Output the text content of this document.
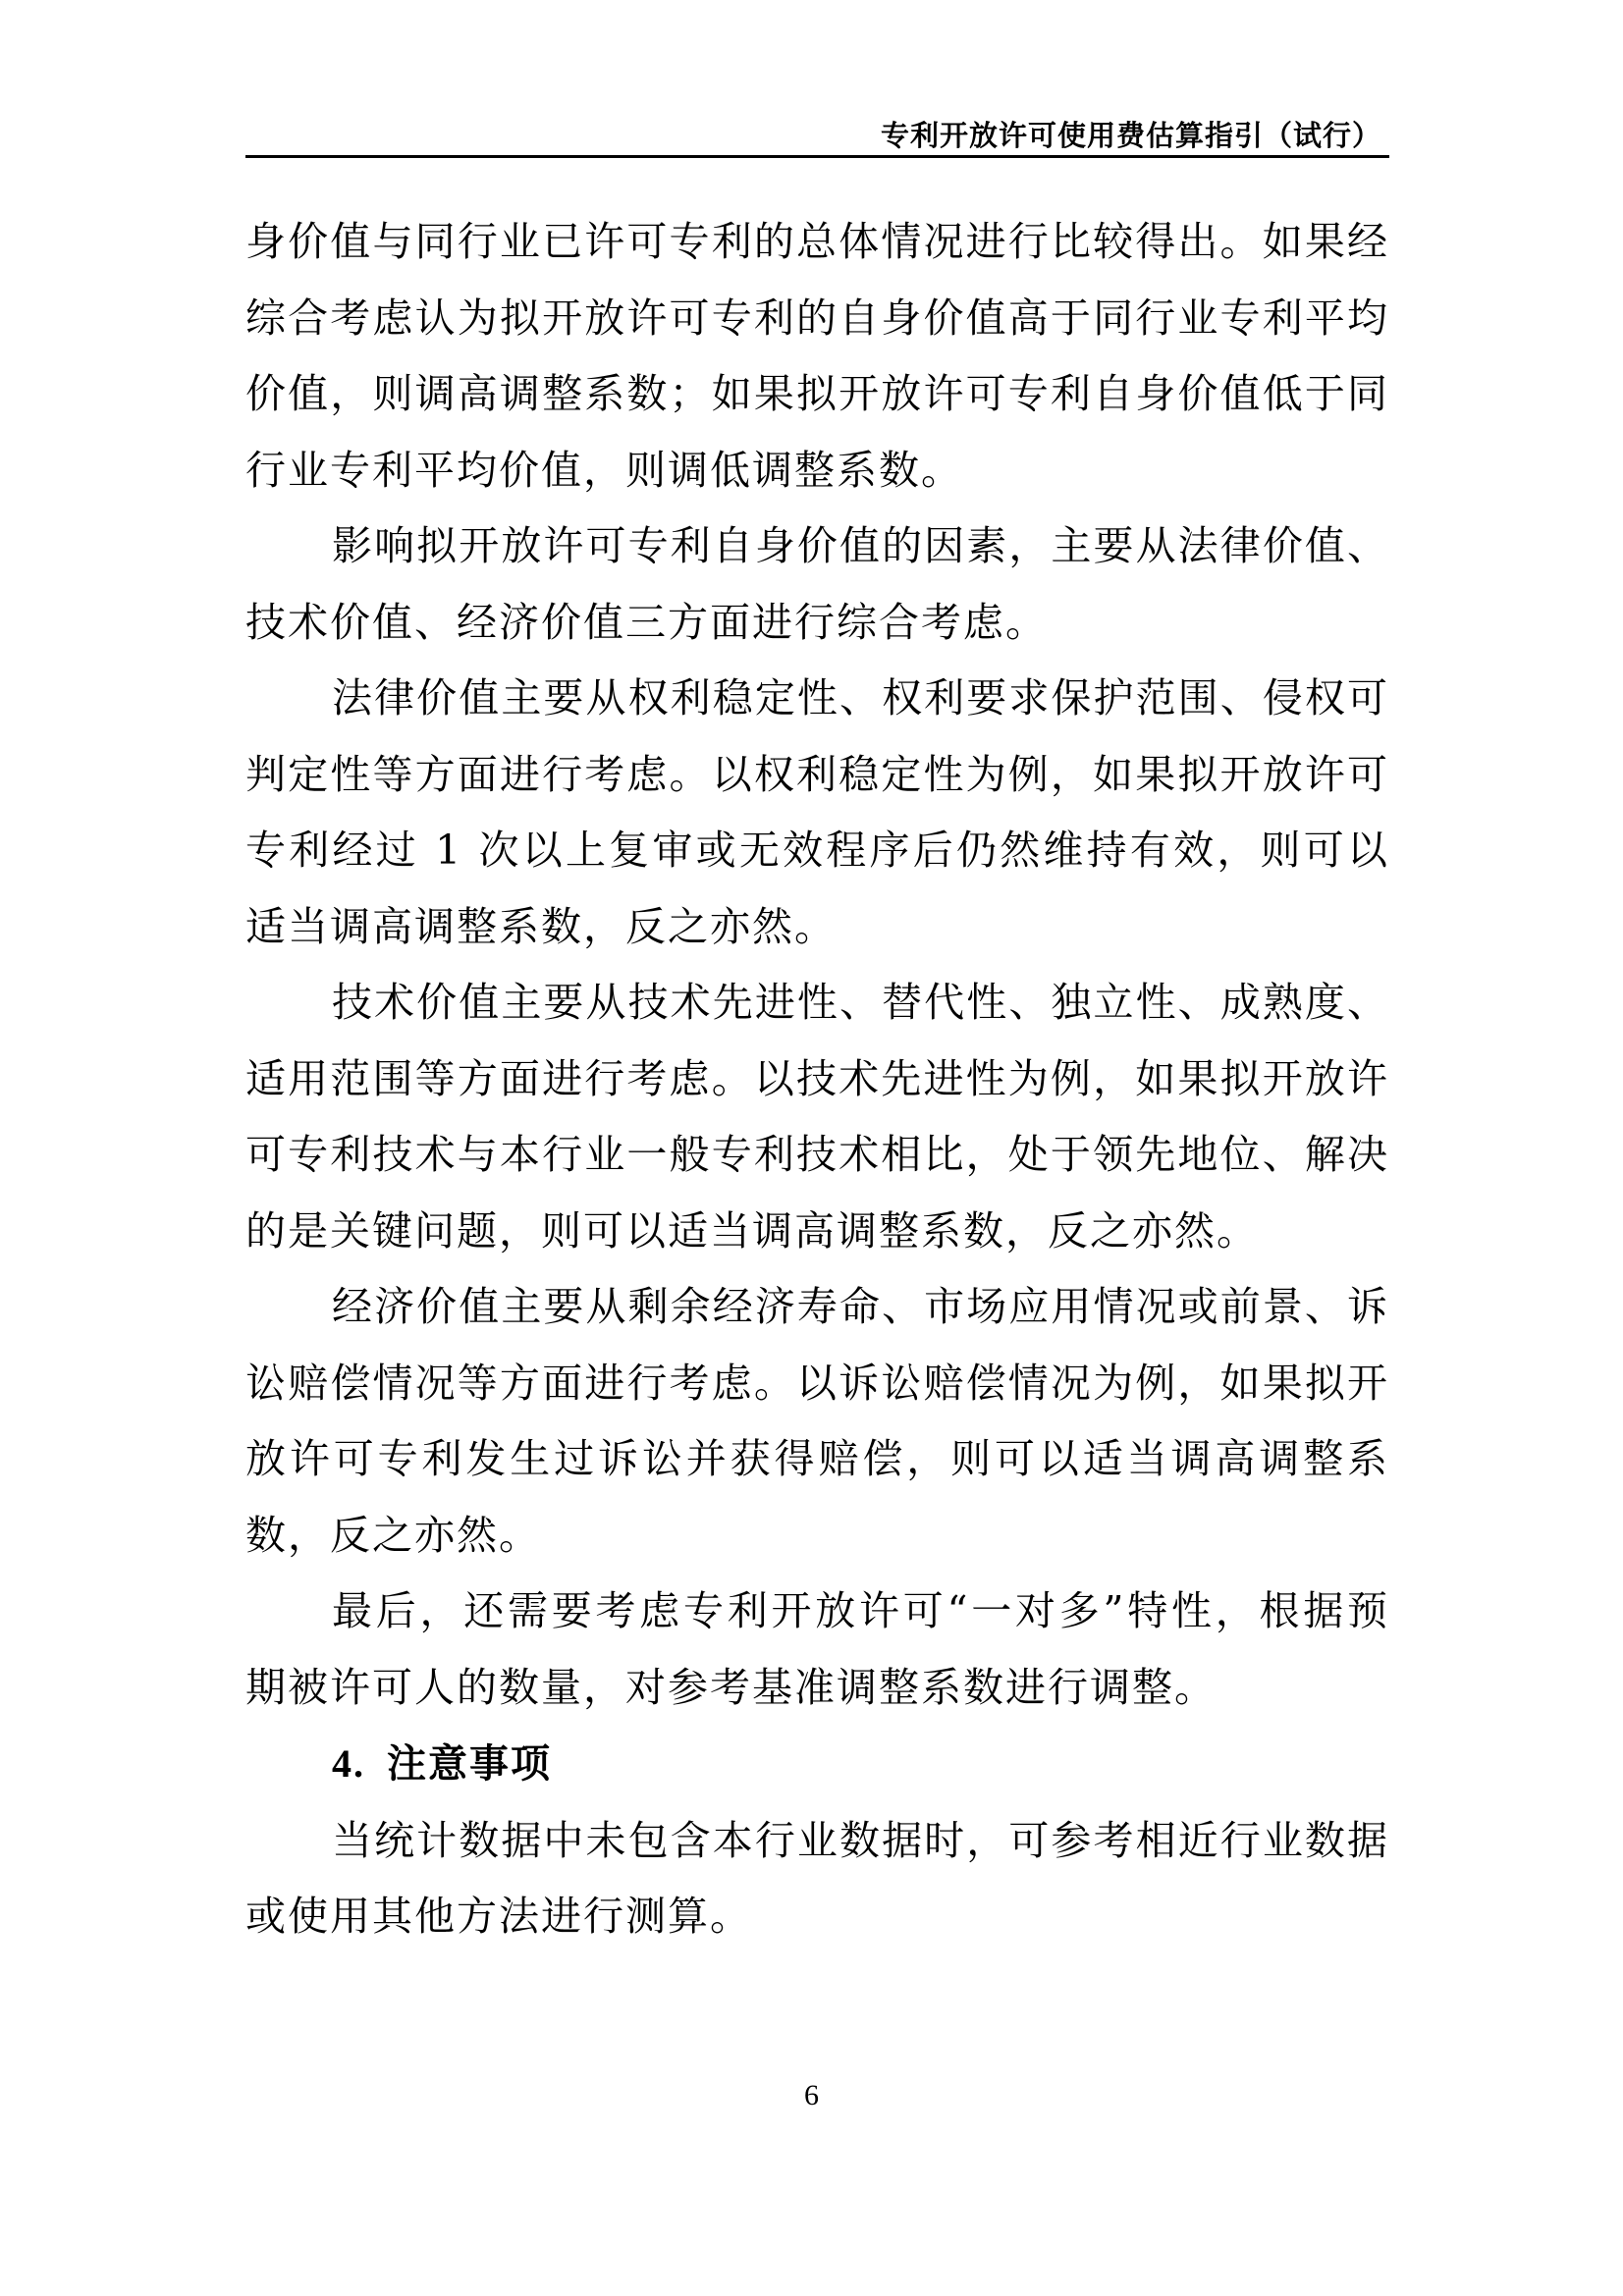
专利开放许可使用费估算指引（试行）

身价值与同行业已许可专利的总体情况进行比较得出。如果经综合考虑认为拟开放许可专利的自身价值高于同行业专利平均价值，则调高调整系数；如果拟开放许可专利自身价值低于同行业专利平均价值，则调低调整系数。

影响拟开放许可专利自身价值的因素，主要从法律价值、技术价值、经济价值三方面进行综合考虑。

法律价值主要从权利稳定性、权利要求保护范围、侵权可判定性等方面进行考虑。以权利稳定性为例，如果拟开放许可专利经过 1 次以上复审或无效程序后仍然维持有效，则可以适当调高调整系数，反之亦然。

技术价值主要从技术先进性、替代性、独立性、成熟度、适用范围等方面进行考虑。以技术先进性为例，如果拟开放许可专利技术与本行业一般专利技术相比，处于领先地位、解决的是关键问题，则可以适当调高调整系数，反之亦然。

经济价值主要从剩余经济寿命、市场应用情况或前景、诉讼赔偿情况等方面进行考虑。以诉讼赔偿情况为例，如果拟开放许可专利发生过诉讼并获得赔偿，则可以适当调高调整系数，反之亦然。

最后，还需要考虑专利开放许可“一对多”特性，根据预期被许可人的数量，对参考基准调整系数进行调整。

4. 注意事项

当统计数据中未包含本行业数据时，可参考相近行业数据或使用其他方法进行测算。

6
